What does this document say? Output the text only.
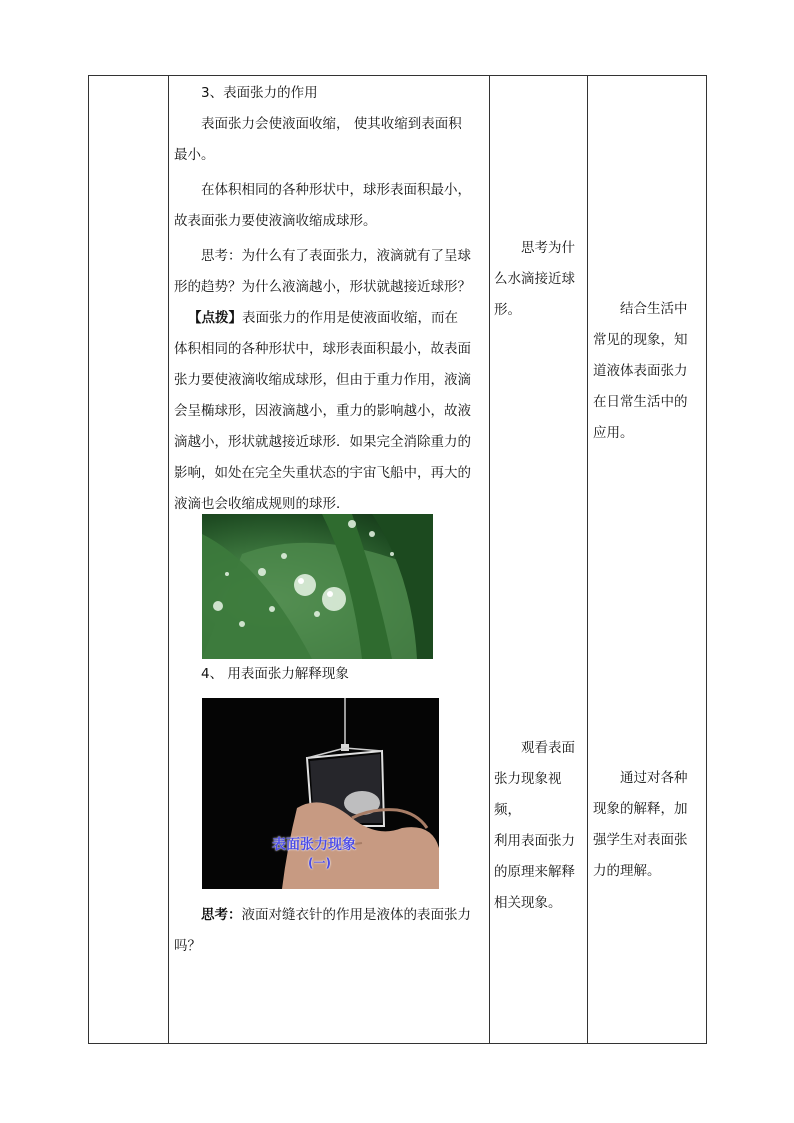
3、表面张力的作用

表面张力会使液面收缩， 使其收缩到表面积

最小。

在体积相同的各种形状中，球形表面积最小，

故表面张力要使液滴收缩成球形。

思考：为什么有了表面张力，液滴就有了呈球

形的趋势？为什么液滴越小，形状就越接近球形？

【点拨】表面张力的作用是使液面收缩，而在

体积相同的各种形状中，球形表面积最小，故表面

张力要使液滴收缩成球形，但由于重力作用，液滴

会呈椭球形，因液滴越小，重力的影响越小，故液

滴越小，形状就越接近球形．如果完全消除重力的

影响，如处在完全失重状态的宇宙飞船中，再大的

液滴也会收缩成规则的球形．

4、 用表面张力解释现象

表面张力现象
(一)

思考：液面对缝衣针的作用是液体的表面张力

吗？

思考为什

么水滴接近球

形。

观看表面

张力现象视频，

利用表面张力

的原理来解释

相关现象。

结合生活中

常见的现象，知

道液体表面张力

在日常生活中的

应用。

通过对各种

现象的解释，加

强学生对表面张

力的理解。
